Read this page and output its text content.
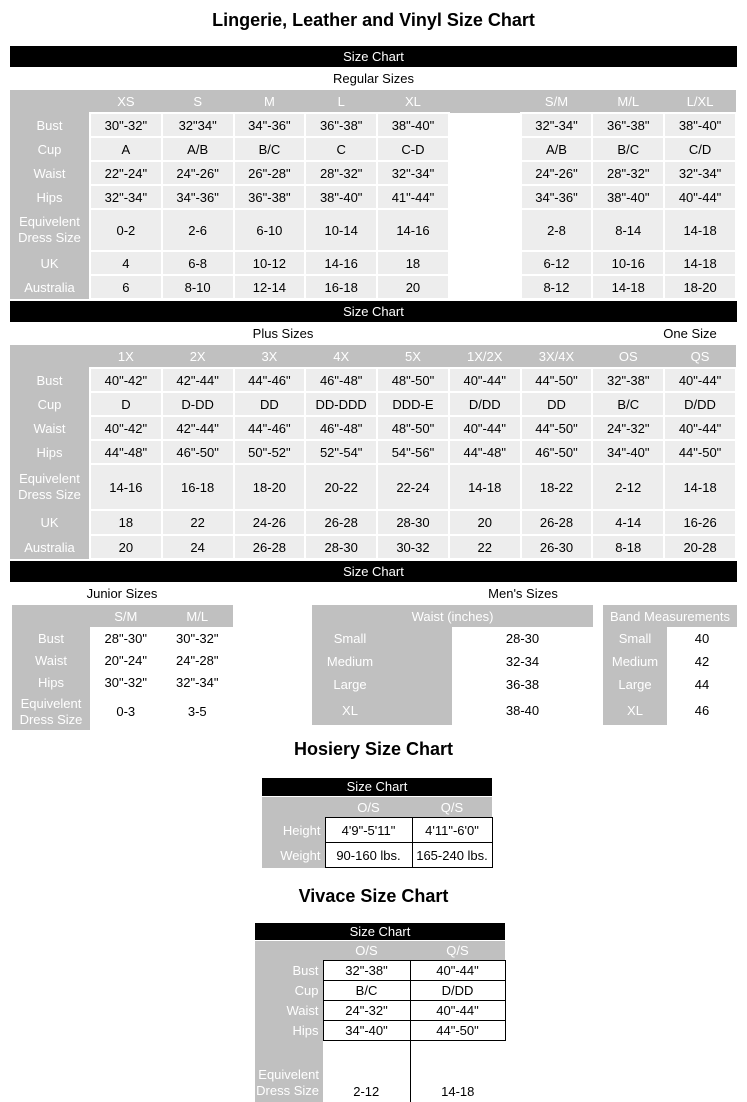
Lingerie, Leather and Vinyl Size Chart
Size Chart
Regular Sizes
	XS	S	M	L	XL		S/M	M/L	L/XL
Bust	30"-32"	32"34"	34"-36"	36"-38"	38"-40"		32"-34"	36"-38"	38"-40"
Cup	A	A/B	B/C	C	C-D		A/B	B/C	C/D
Waist	22"-24"	24"-26"	26"-28"	28"-32"	32"-34"		24"-26"	28"-32"	32"-34"
Hips	32"-34"	34"-36"	36"-38"	38"-40"	41"-44"		34"-36"	38"-40"	40"-44"
Equivelent Dress Size	0-2	2-6	6-10	10-14	14-16		2-8	8-14	14-18
UK	4	6-8	10-12	14-16	18		6-12	10-16	14-18
Australia	6	8-10	12-14	16-18	20		8-12	14-18	18-20
Size Chart
Plus Sizes	One Size
	1X	2X	3X	4X	5X	1X/2X	3X/4X	OS	QS
Bust	40"-42"	42"-44"	44"-46"	46"-48"	48"-50"	40"-44"	44"-50"	32"-38"	40"-44"
Cup	D	D-DD	DD	DD-DDD	DDD-E	D/DD	DD	B/C	D/DD
Waist	40"-42"	42"-44"	44"-46"	46"-48"	48"-50"	40"-44"	44"-50"	24"-32"	40"-44"
Hips	44"-48"	46"-50"	50"-52"	52"-54"	54"-56"	44"-48"	46"-50"	34"-40"	44"-50"
Equivelent Dress Size	14-16	16-18	18-20	20-22	22-24	14-18	18-22	2-12	14-18
UK	18	22	24-26	26-28	28-30	20	26-28	4-14	16-26
Australia	20	24	26-28	28-30	30-32	22	26-30	8-18	20-28
Size Chart
Junior Sizes	Men's Sizes
	S/M	M/L
Bust	28"-30"	30"-32"
Waist	20"-24"	24"-28"
Hips	30"-32"	32"-34"
Equivelent Dress Size	0-3	3-5
Waist (inches)	
Small	28-30
Medium	32-34
Large	36-38
XL	38-40
Band Measurements	
Small	40
Medium	42
Large	44
XL	46
Hosiery Size Chart
Size Chart
	O/S	Q/S
Height	4'9"-5'11"	4'11"-6'0"
Weight	90-160 lbs.	165-240 lbs.
Vivace Size Chart
Size Chart
	O/S	Q/S
Bust	32"-38"	40"-44"
Cup	B/C	D/DD
Waist	24"-32"	40"-44"
Hips	34"-40"	44"-50"

Equivelent Dress Size	2-12	14-18
